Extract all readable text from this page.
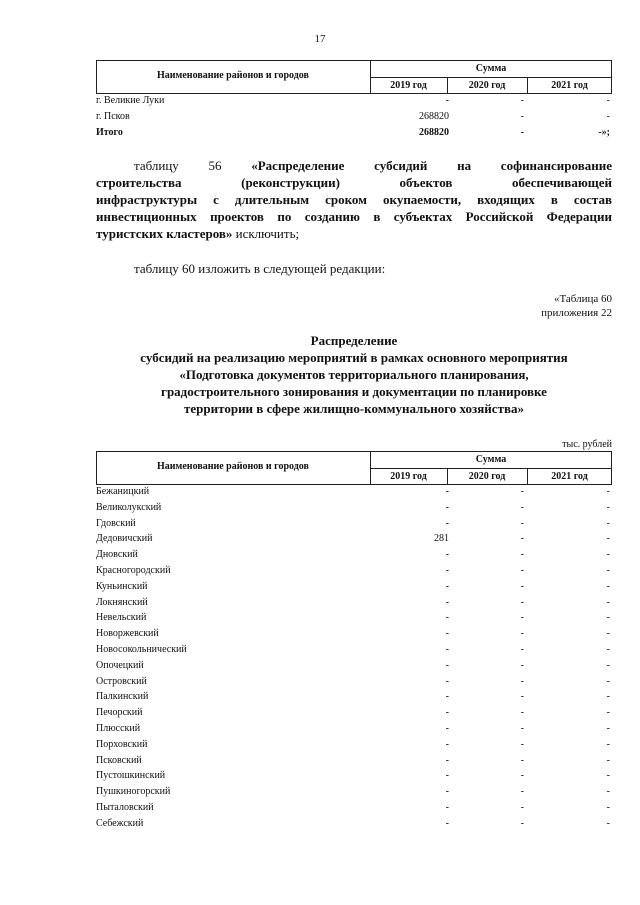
17
Наименование районов и городов
Сумма
2019 год	2020 год	2021 год
г. Великие Луки	-	-	-
г. Псков	268820	-	-
Итого	268820	-	-»;
таблицу 56 «Распределение субсидий на софинансирование
строительства (реконструкции) объектов обеспечивающей
инфраструктуры с длительным сроком окупаемости, входящих в состав
инвестиционных проектов по созданию в субъектах Российской Федерации
туристских кластеров» исключить;
таблицу 60 изложить в следующей редакции:
«Таблица 60
приложения 22
Распределение
субсидий на реализацию мероприятий в рамках основного мероприятия
«Подготовка документов территориального планирования,
градостроительного зонирования и документации по планировке
территории в сфере жилищно-коммунального хозяйства»
тыс. рублей
Наименование районов и городов
Сумма
2019 год	2020 год	2021 год
Бежаницкий	-	-	-
Великолукский	-	-	-
Гдовский	-	-	-
Дедовичский	281	-	-
Дновский	-	-	-
Красногородский	-	-	-
Куньинский	-	-	-
Локнянский	-	-	-
Невельский	-	-	-
Новоржевский	-	-	-
Новосокольнический	-	-	-
Опочецкий	-	-	-
Островский	-	-	-
Палкинский	-	-	-
Печорский	-	-	-
Плюсский	-	-	-
Порховский	-	-	-
Псковский	-	-	-
Пустошкинский	-	-	-
Пушкиногорский	-	-	-
Пыталовский	-	-	-
Себежский	-	-	-
